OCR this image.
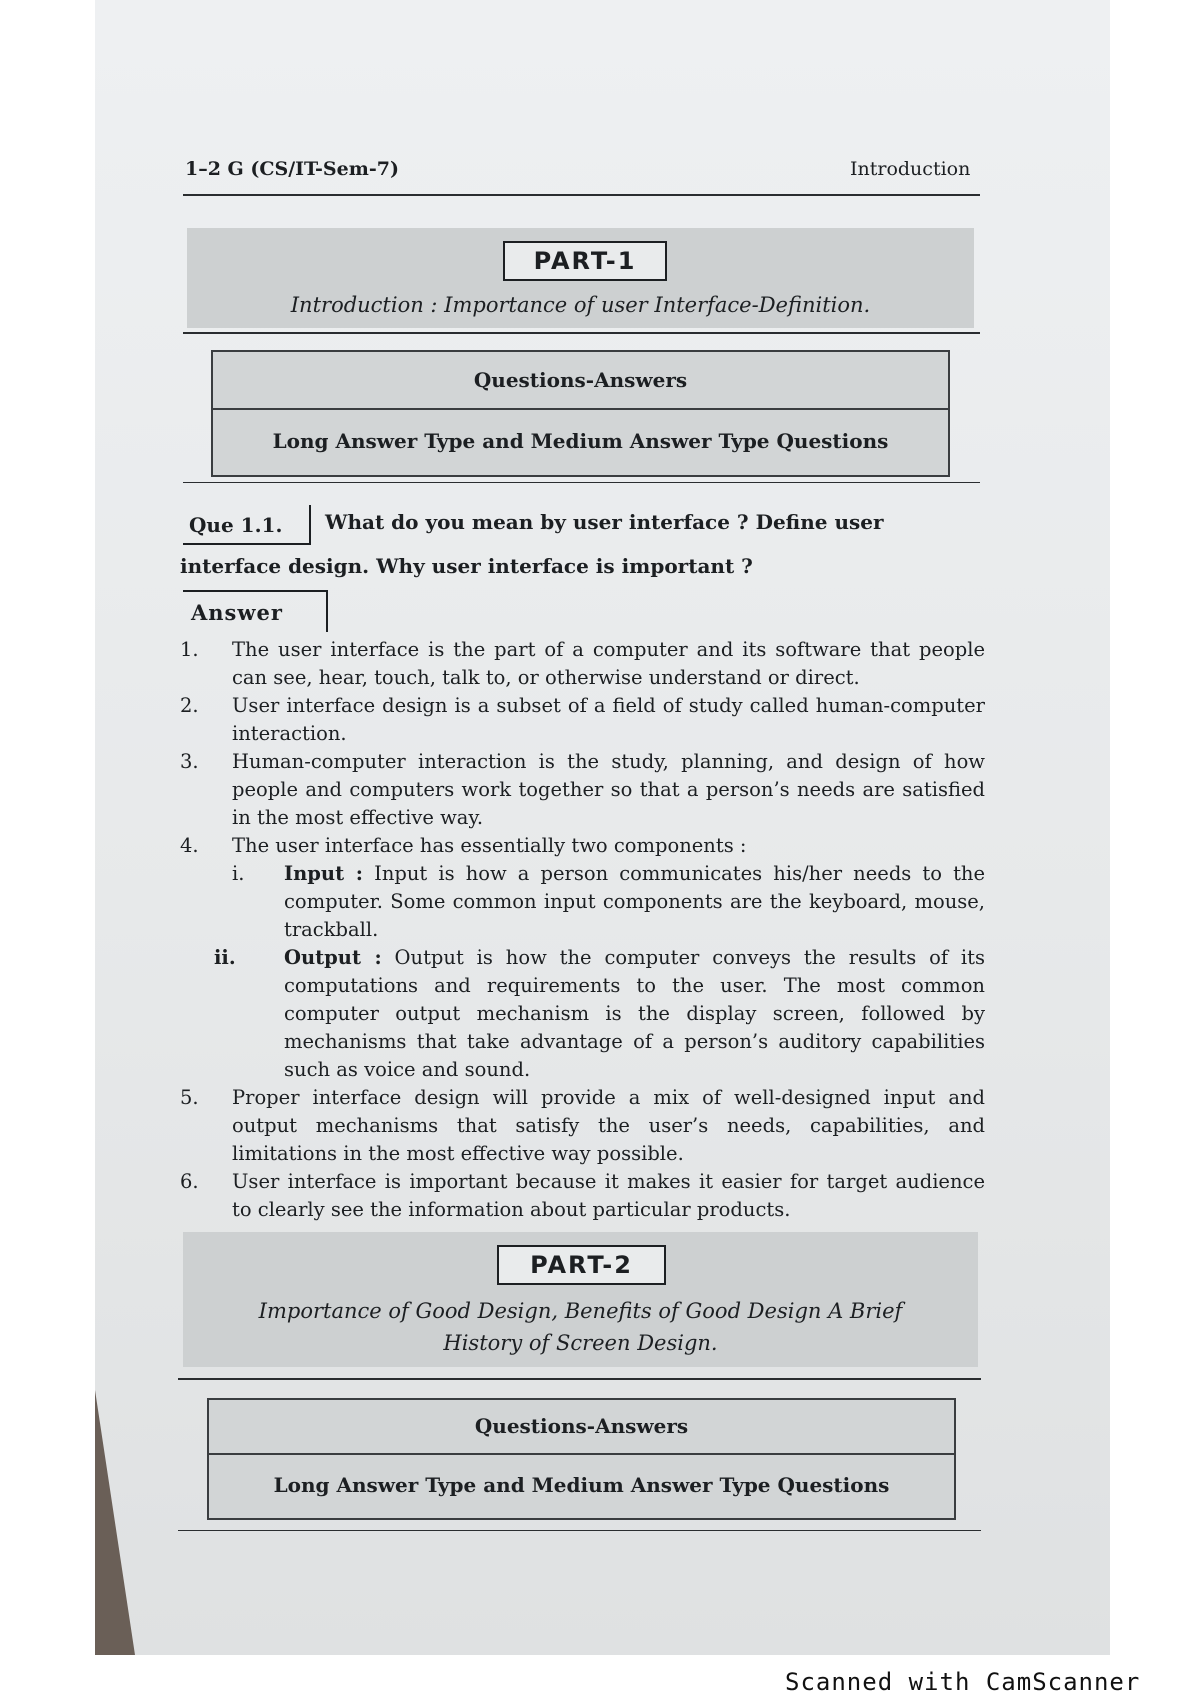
1–2 G (CS/IT-Sem-7)	Introduction
PART-1
Introduction : Importance of user Interface-Definition.
Questions-Answers
Long Answer Type and Medium Answer Type Questions
Que 1.1.	What do you mean by user interface ? Define user
interface design. Why user interface is important ?
Answer
1. The user interface is the part of a computer and its software that people can see, hear, touch, talk to, or otherwise understand or direct.
2. User interface design is a subset of a field of study called human-computer interaction.
3. Human-computer interaction is the study, planning, and design of how people and computers work together so that a person’s needs are satisfied in the most effective way.
4. The user interface has essentially two components :
i. Input : Input is how a person communicates his/her needs to the computer. Some common input components are the keyboard, mouse, trackball.
ii. Output : Output is how the computer conveys the results of its computations and requirements to the user. The most common computer output mechanism is the display screen, followed by mechanisms that take advantage of a person’s auditory capabilities such as voice and sound.
5. Proper interface design will provide a mix of well-designed input and output mechanisms that satisfy the user’s needs, capabilities, and limitations in the most effective way possible.
6. User interface is important because it makes it easier for target audience to clearly see the information about particular products.
PART-2
Importance of Good Design, Benefits of Good Design A Brief
History of Screen Design.
Questions-Answers
Long Answer Type and Medium Answer Type Questions
Scanned with CamScanner
